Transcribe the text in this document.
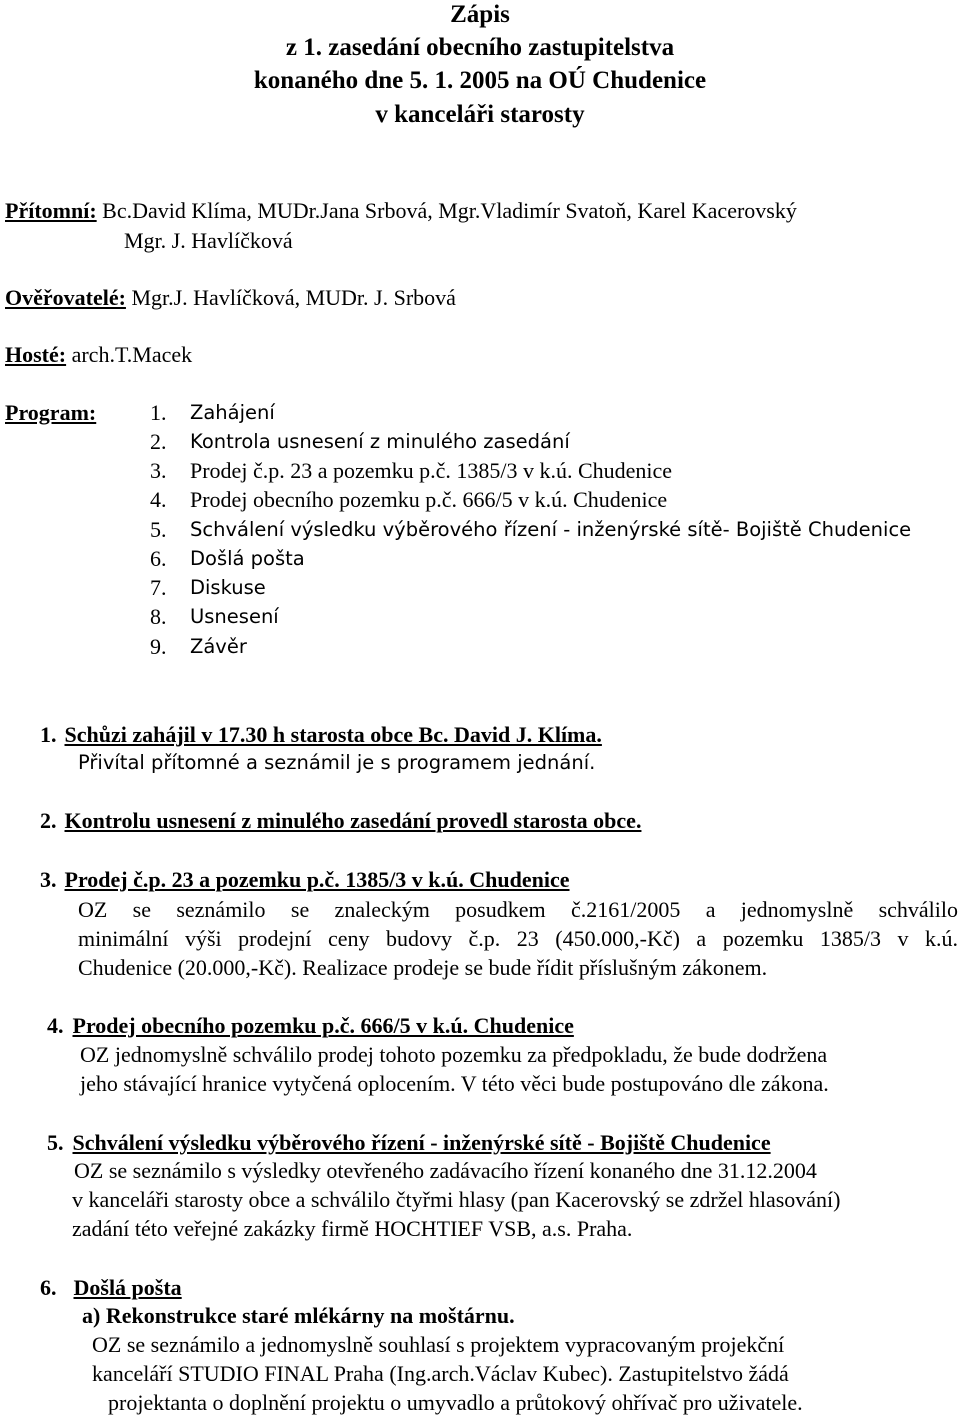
Zápis
z 1. zasedání obecního zastupitelstva
konaného dne 5. 1. 2005 na OÚ Chudenice
v kanceláři starosty
Přítomní: Bc.David Klíma, MUDr.Jana Srbová, Mgr.Vladimír Svatoň, Karel Kacerovský
Mgr. J. Havlíčková
Ověřovatelé: Mgr.J. Havlíčková, MUDr. J. Srbová
Hosté: arch.T.Macek
Program: 1. Zahájení
2. Kontrola usnesení z minulého zasedání
3. Prodej č.p. 23 a pozemku p.č. 1385/3 v k.ú. Chudenice
4. Prodej obecního pozemku p.č. 666/5 v k.ú. Chudenice
5. Schválení výsledku výběrového řízení - inženýrské sítě- Bojiště Chudenice
6. Došlá pošta
7. Diskuse
8. Usnesení
9. Závěr
1. Schůzi zahájil v 17.30 h starosta obce Bc. David J. Klíma.
Přivítal přítomné a seznámil je s programem jednání.
2. Kontrolu usnesení z minulého zasedání provedl starosta obce.
3. Prodej č.p. 23 a pozemku p.č. 1385/3 v k.ú. Chudenice
OZ se seznámilo se znaleckým posudkem č.2161/2005 a jednomyslně schválilo
minimální výši prodejní ceny budovy č.p. 23 (450.000,-Kč) a pozemku 1385/3 v k.ú.
Chudenice (20.000,-Kč). Realizace prodeje se bude řídit příslušným zákonem.
4. Prodej obecního pozemku p.č. 666/5 v k.ú. Chudenice
OZ jednomyslně schválilo prodej tohoto pozemku za předpokladu, že bude dodržena
jeho stávající hranice vytyčená oplocením. V této věci bude postupováno dle zákona.
5. Schválení výsledku výběrového řízení - inženýrské sítě - Bojiště Chudenice
OZ se seznámilo s výsledky otevřeného zadávacího řízení konaného dne 31.12.2004
v kanceláři starosty obce a schválilo čtyřmi hlasy (pan Kacerovský se zdržel hlasování)
zadání této veřejné zakázky firmě HOCHTIEF VSB, a.s. Praha.
6. Došlá pošta
a) Rekonstrukce staré mlékárny na moštárnu.
OZ se seznámilo a jednomyslně souhlasí s projektem vypracovaným projekční
kanceláří STUDIO FINAL Praha (Ing.arch.Václav Kubec). Zastupitelstvo žádá
projektanta o doplnění projektu o umyvadlo a průtokový ohřívač pro uživatele.
